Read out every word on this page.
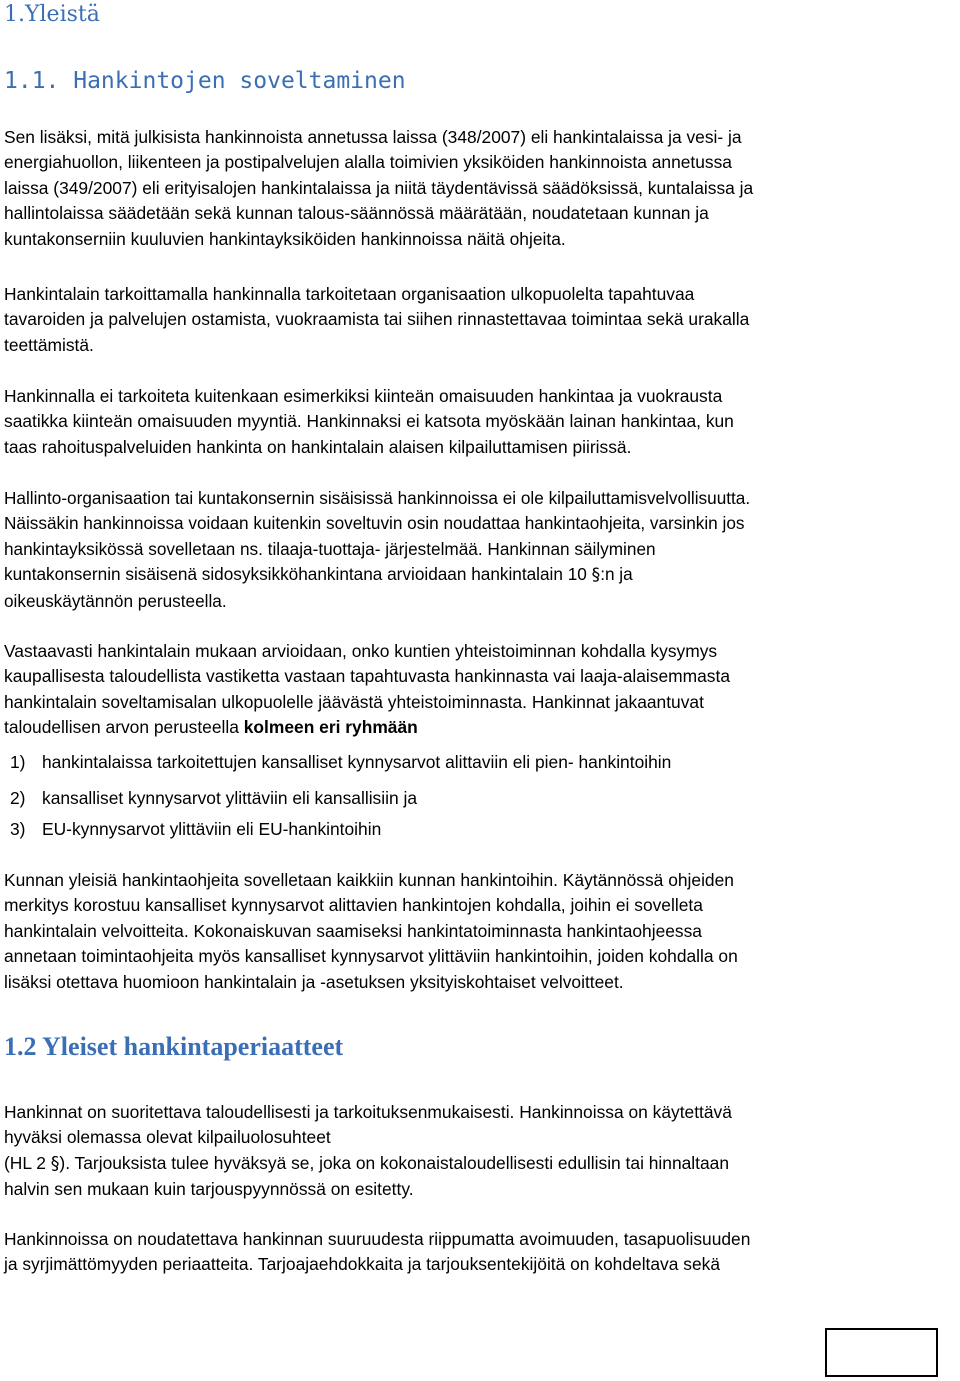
1.Yleistä
1.1. Hankintojen soveltaminen
Sen lisäksi, mitä julkisista hankinnoista annetussa laissa (348/2007) eli hankintalaissa ja vesi- ja
energiahuollon, liikenteen ja postipalvelujen alalla toimivien yksiköiden hankinnoista annetussa
laissa (349/2007) eli erityisalojen hankintalaissa ja niitä täydentävissä säädöksissä, kuntalaissa ja
hallintolaissa säädetään sekä kunnan talous-säännössä määrätään, noudatetaan kunnan ja
kuntakonserniin kuuluvien hankintayksiköiden hankinnoissa näitä ohjeita.
Hankintalain tarkoittamalla hankinnalla tarkoitetaan organisaation ulkopuolelta tapahtuvaa
tavaroiden ja palvelujen ostamista, vuokraamista tai siihen rinnastettavaa toimintaa sekä urakalla
teettämistä.
Hankinnalla ei tarkoiteta kuitenkaan esimerkiksi kiinteän omaisuuden hankintaa ja vuokrausta
saatikka kiinteän omaisuuden myyntiä. Hankinnaksi ei katsota myöskään lainan hankintaa, kun
taas rahoituspalveluiden hankinta on hankintalain alaisen kilpailuttamisen piirissä.
Hallinto-organisaation tai kuntakonsernin sisäisissä hankinnoissa ei ole kilpailuttamisvelvollisuutta.
Näissäkin hankinnoissa voidaan kuitenkin soveltuvin osin noudattaa hankintaohjeita, varsinkin jos
hankintayksikössä sovelletaan ns. tilaaja-tuottaja- järjestelmää. Hankinnan säilyminen
kuntakonsernin sisäisenä sidosyksikköhankintana arvioidaan hankintalain 10 §:n ja
oikeuskäytännön perusteella.
Vastaavasti hankintalain mukaan arvioidaan, onko kuntien yhteistoiminnan kohdalla kysymys
kaupallisesta taloudellista vastiketta vastaan tapahtuvasta hankinnasta vai laaja-alaisemmasta
hankintalain soveltamisalan ulkopuolelle jäävästä yhteistoiminnasta. Hankinnat jakaantuvat
taloudellisen arvon perusteella kolmeen eri ryhmään
1) hankintalaissa tarkoitettujen kansalliset kynnysarvot alittaviin eli pien- hankintoihin
2) kansalliset kynnysarvot ylittäviin eli kansallisiin ja
3) EU-kynnysarvot ylittäviin eli EU-hankintoihin
Kunnan yleisiä hankintaohjeita sovelletaan kaikkiin kunnan hankintoihin. Käytännössä ohjeiden
merkitys korostuu kansalliset kynnysarvot alittavien hankintojen kohdalla, joihin ei sovelleta
hankintalain velvoitteita. Kokonaiskuvan saamiseksi hankintatoiminnasta hankintaohjeessa
annetaan toimintaohjeita myös kansalliset kynnysarvot ylittäviin hankintoihin, joiden kohdalla on
lisäksi otettava huomioon hankintalain ja -asetuksen yksityiskohtaiset velvoitteet.
1.2 Yleiset hankintaperiaatteet
Hankinnat on suoritettava taloudellisesti ja tarkoituksenmukaisesti. Hankinnoissa on käytettävä
hyväksi olemassa olevat kilpailuolosuhteet
(HL 2 §). Tarjouksista tulee hyväksyä se, joka on kokonaistaloudellisesti edullisin tai hinnaltaan
halvin sen mukaan kuin tarjouspyynnössä on esitetty.
Hankinnoissa on noudatettava hankinnan suuruudesta riippumatta avoimuuden, tasapuolisuuden
ja syrjimättömyyden periaatteita. Tarjoajaehdokkaita ja tarjouksentekijöitä on kohdeltava sekä
